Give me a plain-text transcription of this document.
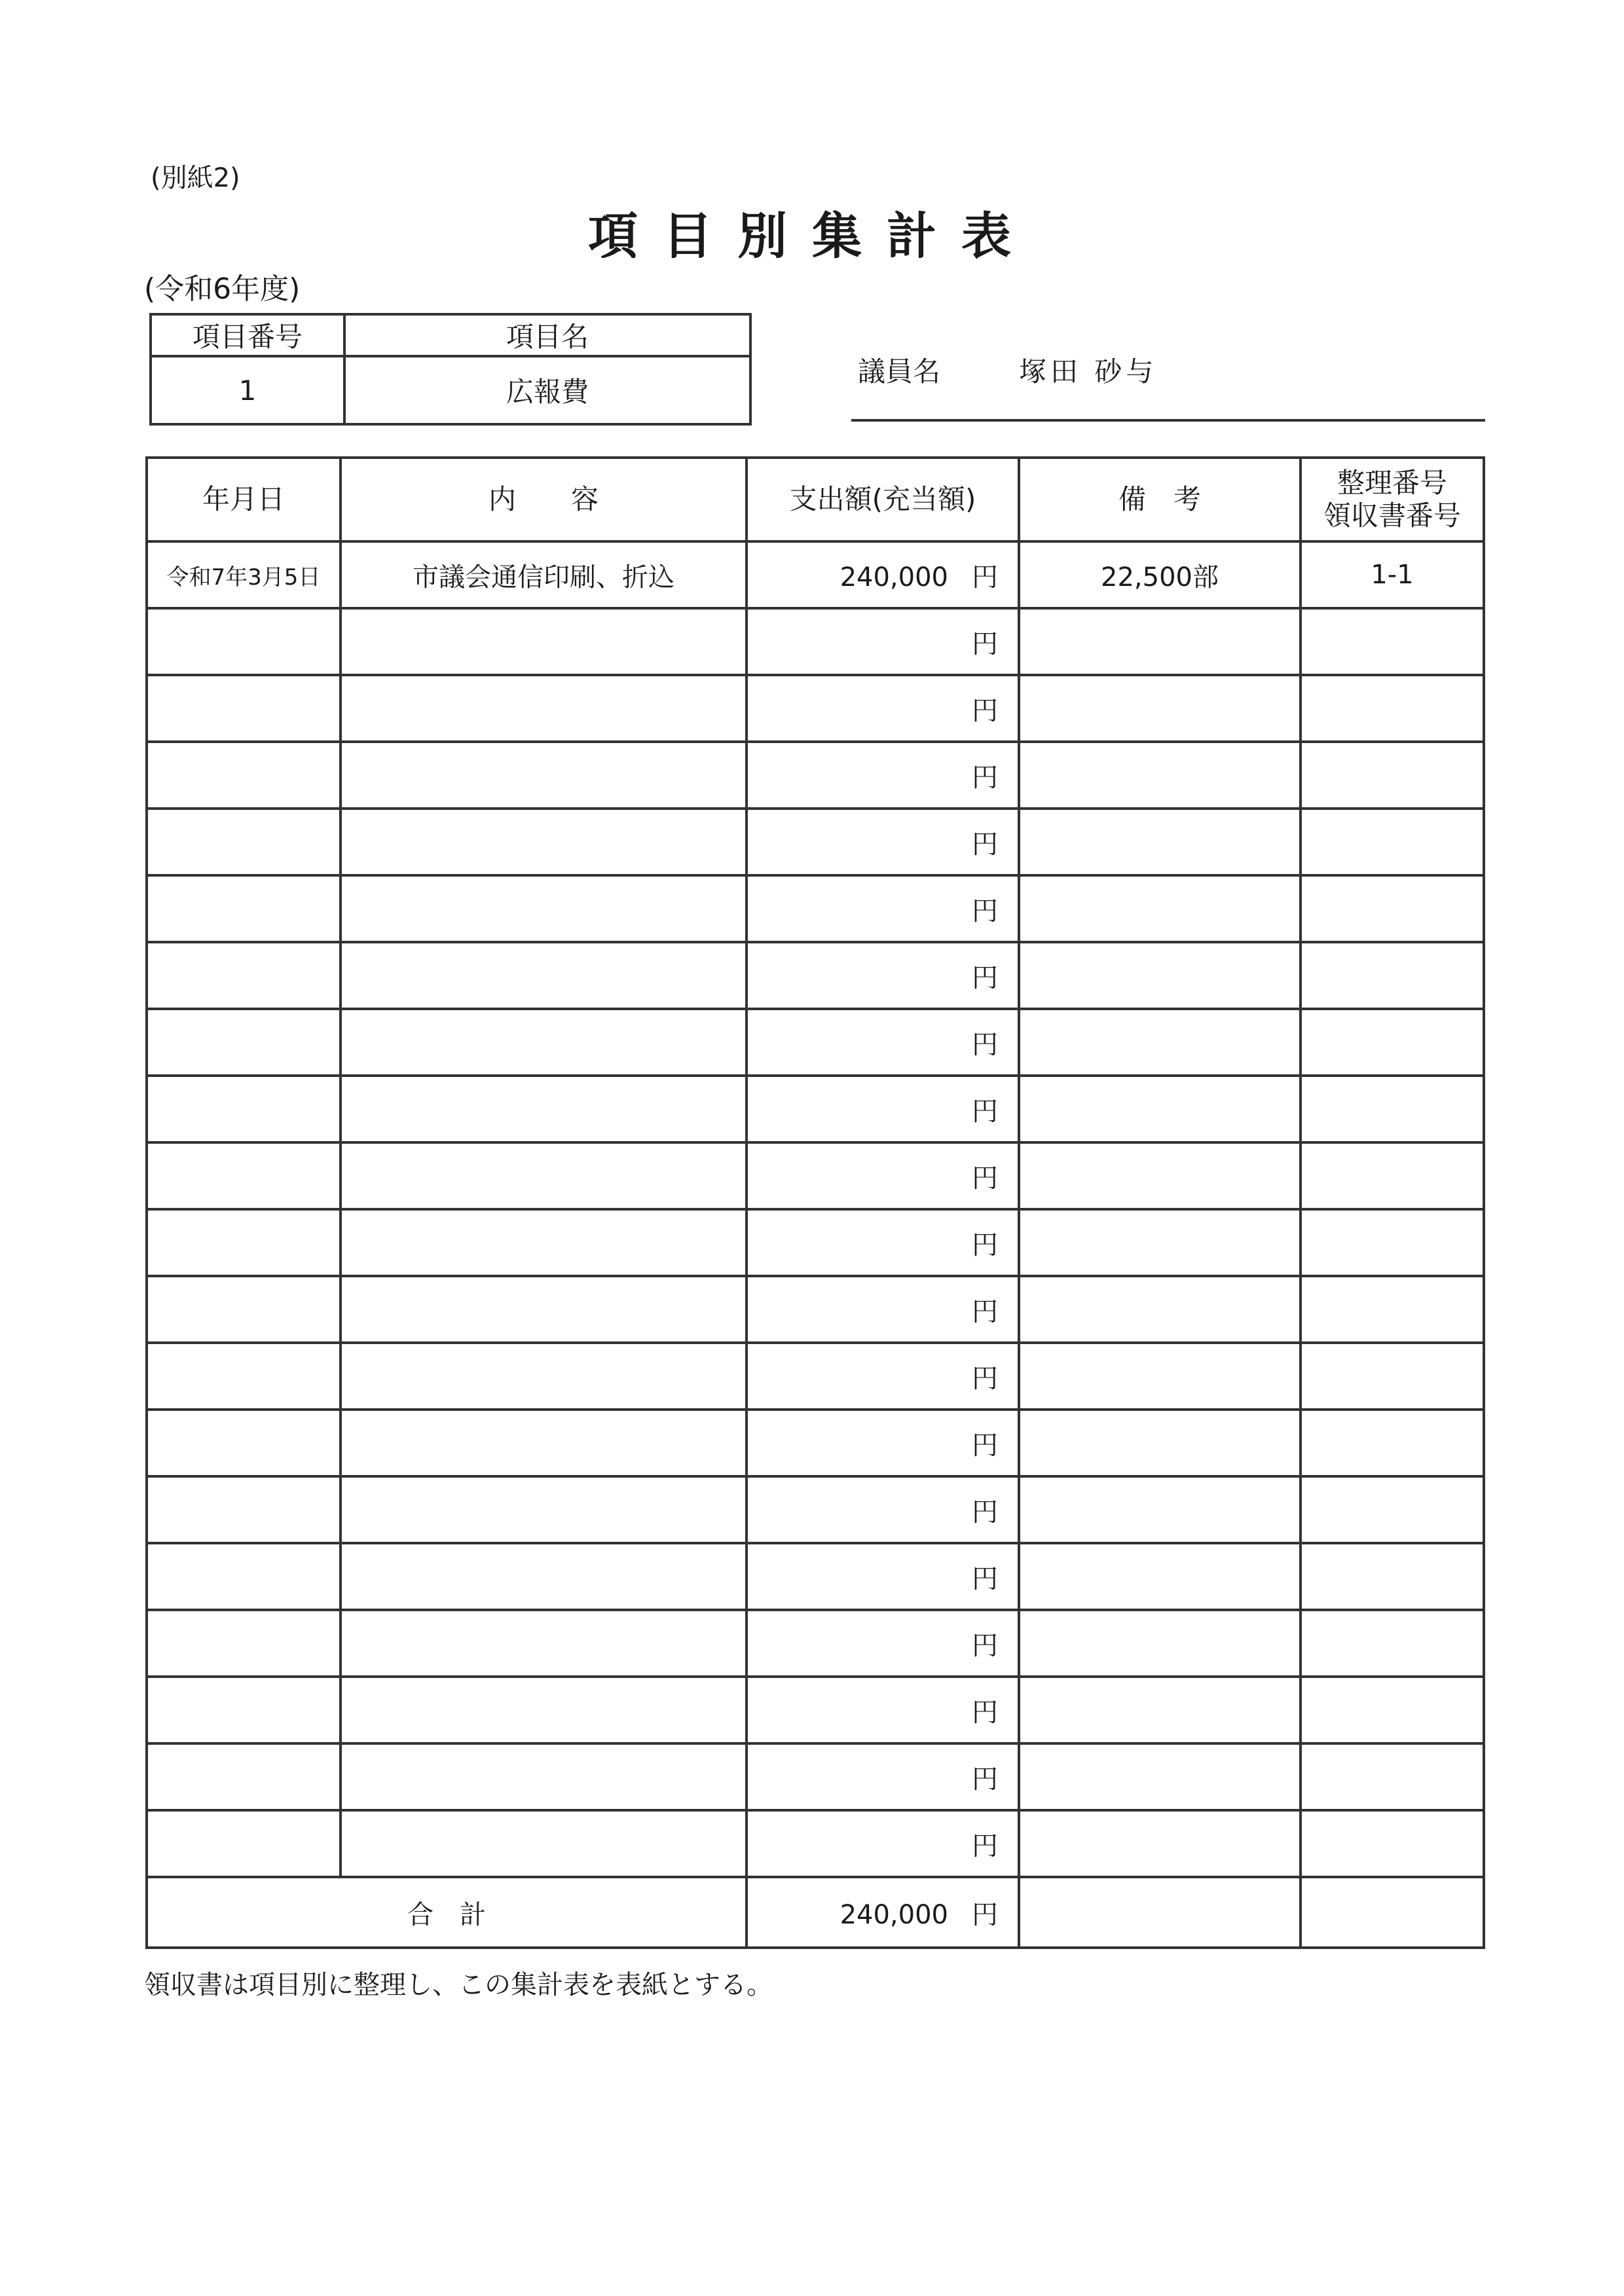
(別紙2)
項目別集計表
(令和6年度)
項目番号	項目名
1	広報費
議員名	塚田 砂与
年月日	内　　容	支出額(充当額)	備　考	整理番号
領収書番号

令和7年3月5日	市議会通信印刷、折込	240,000 円	22,500部	1-1
		円		
		円		
		円		
		円		
		円		
		円		
		円		
		円		
		円		
		円		
		円		
		円		
		円		
		円		
		円		
		円		
		円		
		円		
		円		
合　計		240,000 円		
領収書は項目別に整理し、この集計表を表紙とする。
